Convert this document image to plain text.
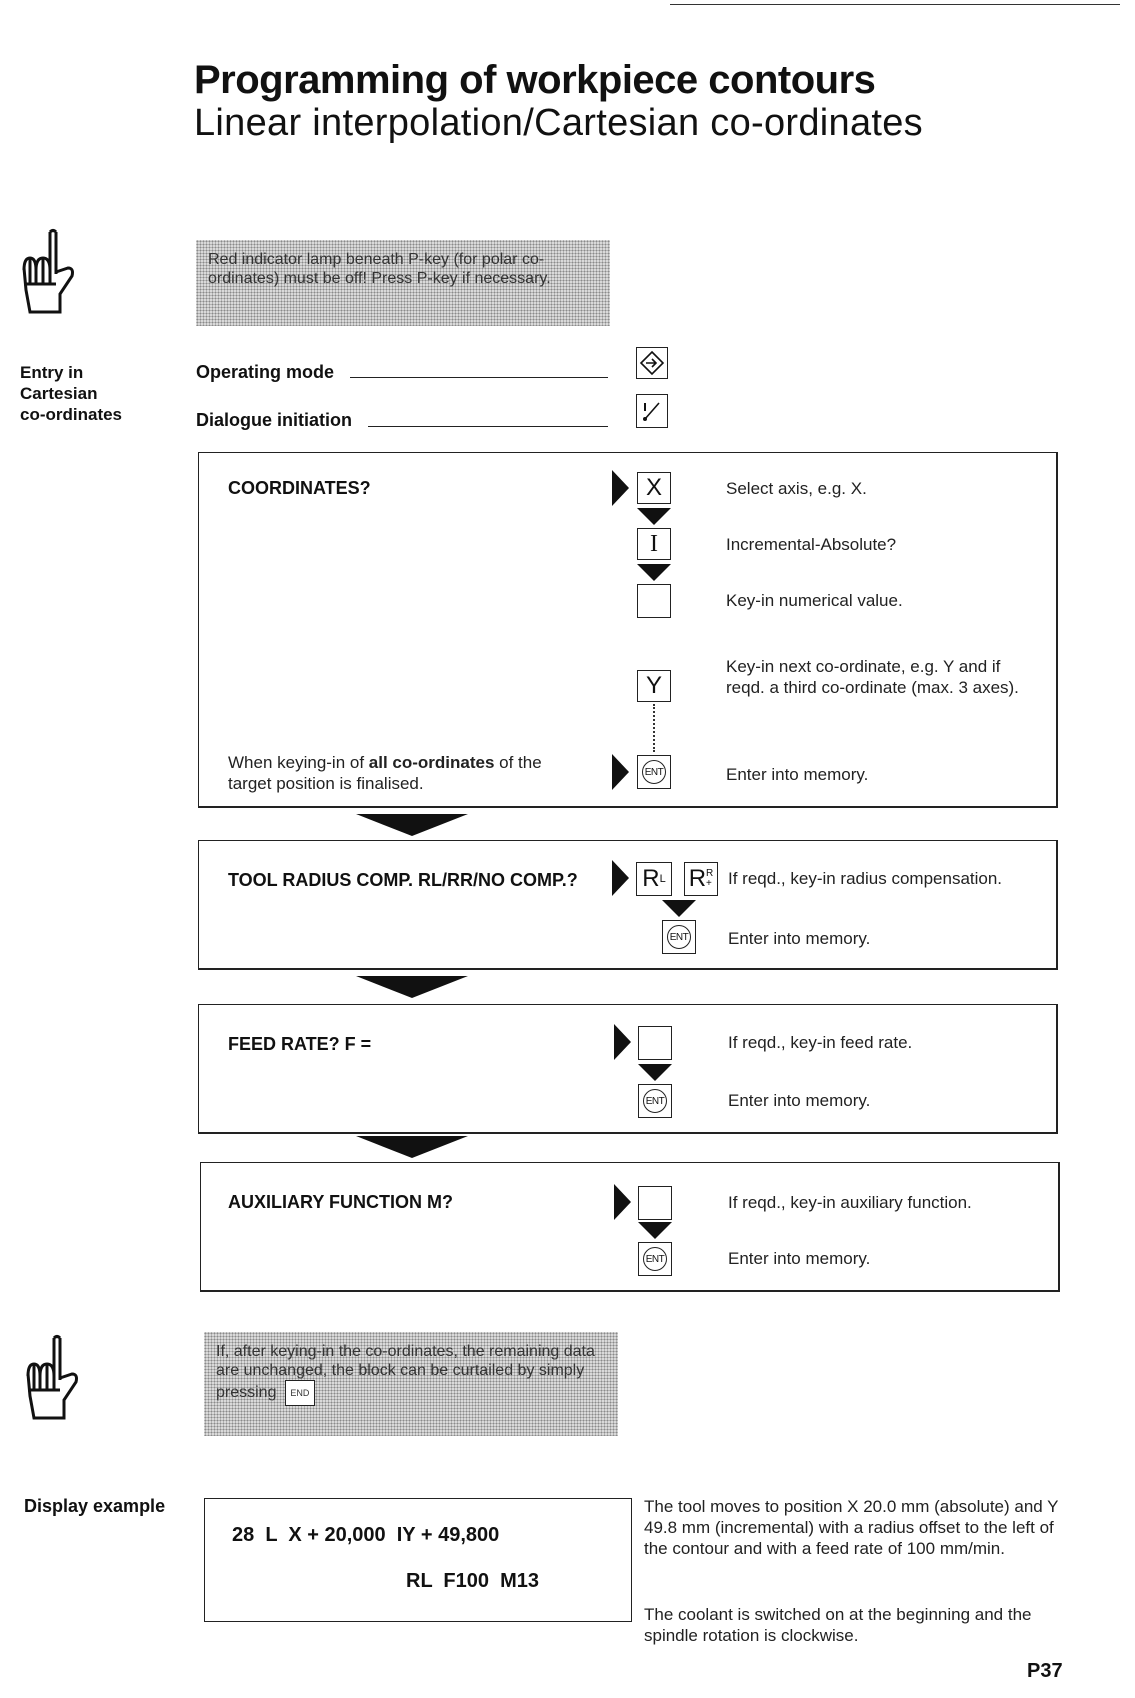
Programming of workpiece contours
Linear interpolation/Cartesian co-ordinates
Red indicator lamp beneath P-key (for polar co-ordinates) must be off! Press P-key if necessary.
Entry in
Cartesian
co-ordinates
Operating mode
Dialogue initiation
COORDINATES?	X	Select axis, e.g. X.
I	Incremental-Absolute?
Key-in numerical value.
Y
Key-in next co-ordinate, e.g. Y and if reqd. a third co-ordinate (max. 3 axes).
When keying-in of all co-ordinates of the target position is finalised.
ENT	Enter into memory.
TOOL RADIUS COMP. RL/RR/NO COMP.?	R L R R
+ If reqd., key-in radius compensation.
ENT Enter into memory.
FEED RATE? F =	If reqd., key-in feed rate.
ENT	Enter into memory.
AUXILIARY FUNCTION M?	If reqd., key-in auxiliary function.
ENT	Enter into memory.
If, after keying-in the co-ordinates, the remaining data are unchanged, the block can be curtailed by simply pressing END
Display example
28  L  X + 20,000  IY + 49,800
RL  F100  M13
The tool moves to position X 20.0 mm (absolute) and Y 49.8 mm (incremental) with a radius offset to the left of the contour and with a feed rate of 100 mm/min.
The coolant is switched on at the beginning and the spindle rotation is clockwise.
P37
